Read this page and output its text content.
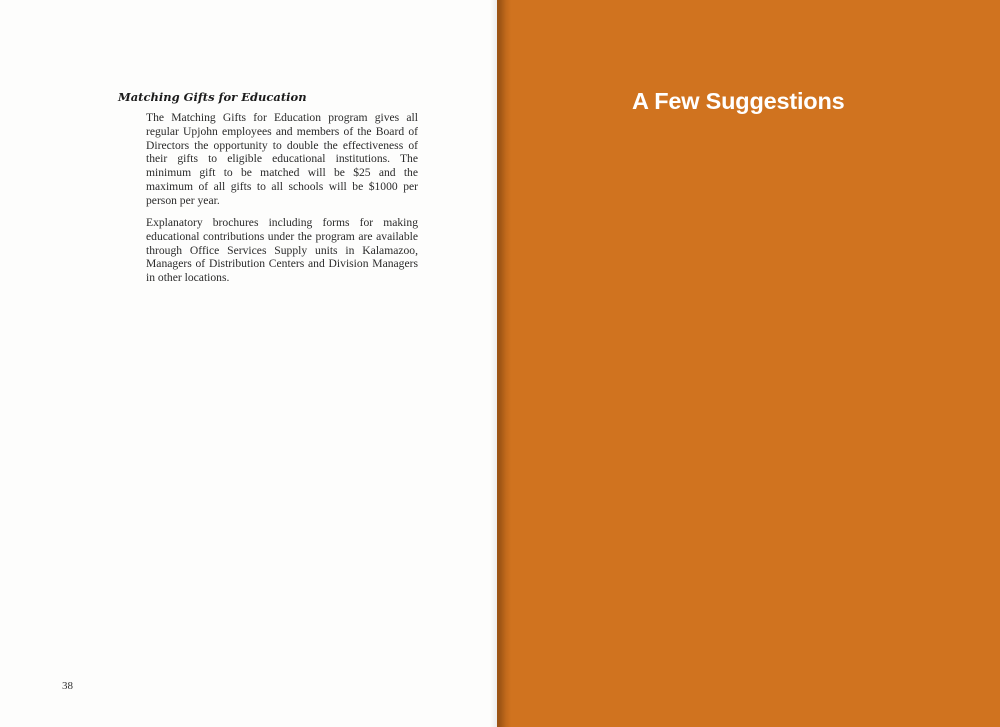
Matching Gifts for Education

The Matching Gifts for Education program gives all regular Upjohn employees and members of the Board of Directors the opportunity to double the effectiveness of their gifts to eligible educational institutions. The minimum gift to be matched will be $25 and the maximum of all gifts to all schools will be $1000 per person per year.

Explanatory brochures including forms for making educational contributions under the program are available through Office Services Supply units in Kalamazoo, Managers of Distribution Centers and Division Managers in other locations.

38

A Few Suggestions
